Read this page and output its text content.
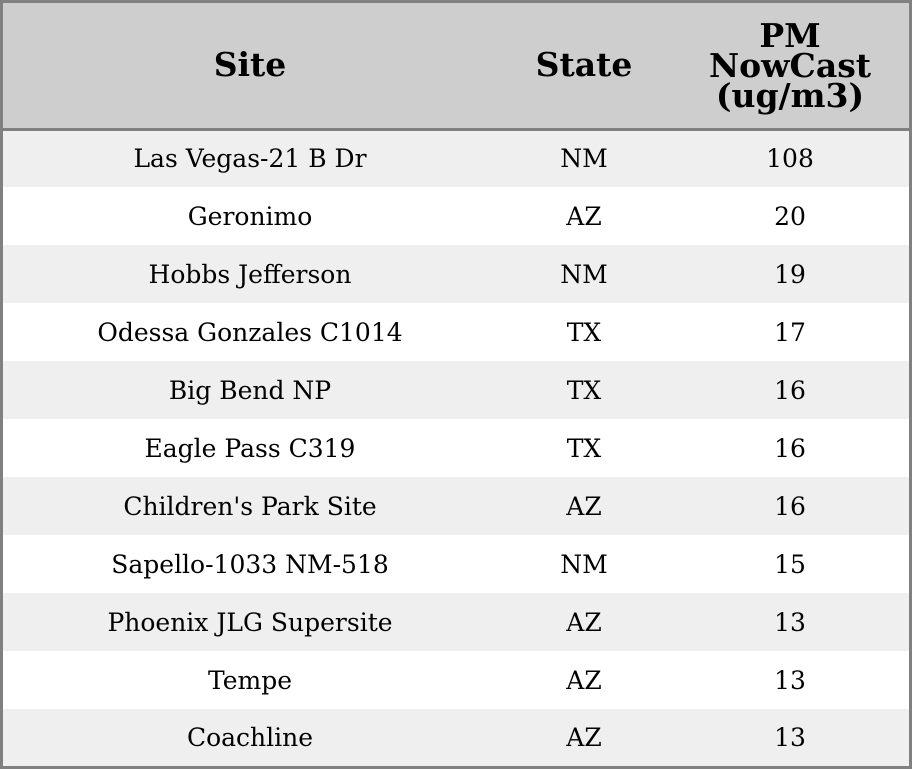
Site	State	PM
NowCast
(ug/m3)

Las Vegas-21 B Dr	NM	108
Geronimo	AZ	20
Hobbs Jefferson	NM	19
Odessa Gonzales C1014	TX	17
Big Bend NP	TX	16
Eagle Pass C319	TX	16
Children's Park Site	AZ	16
Sapello-1033 NM-518	NM	15
Phoenix JLG Supersite	AZ	13
Tempe	AZ	13
Coachline	AZ	13
